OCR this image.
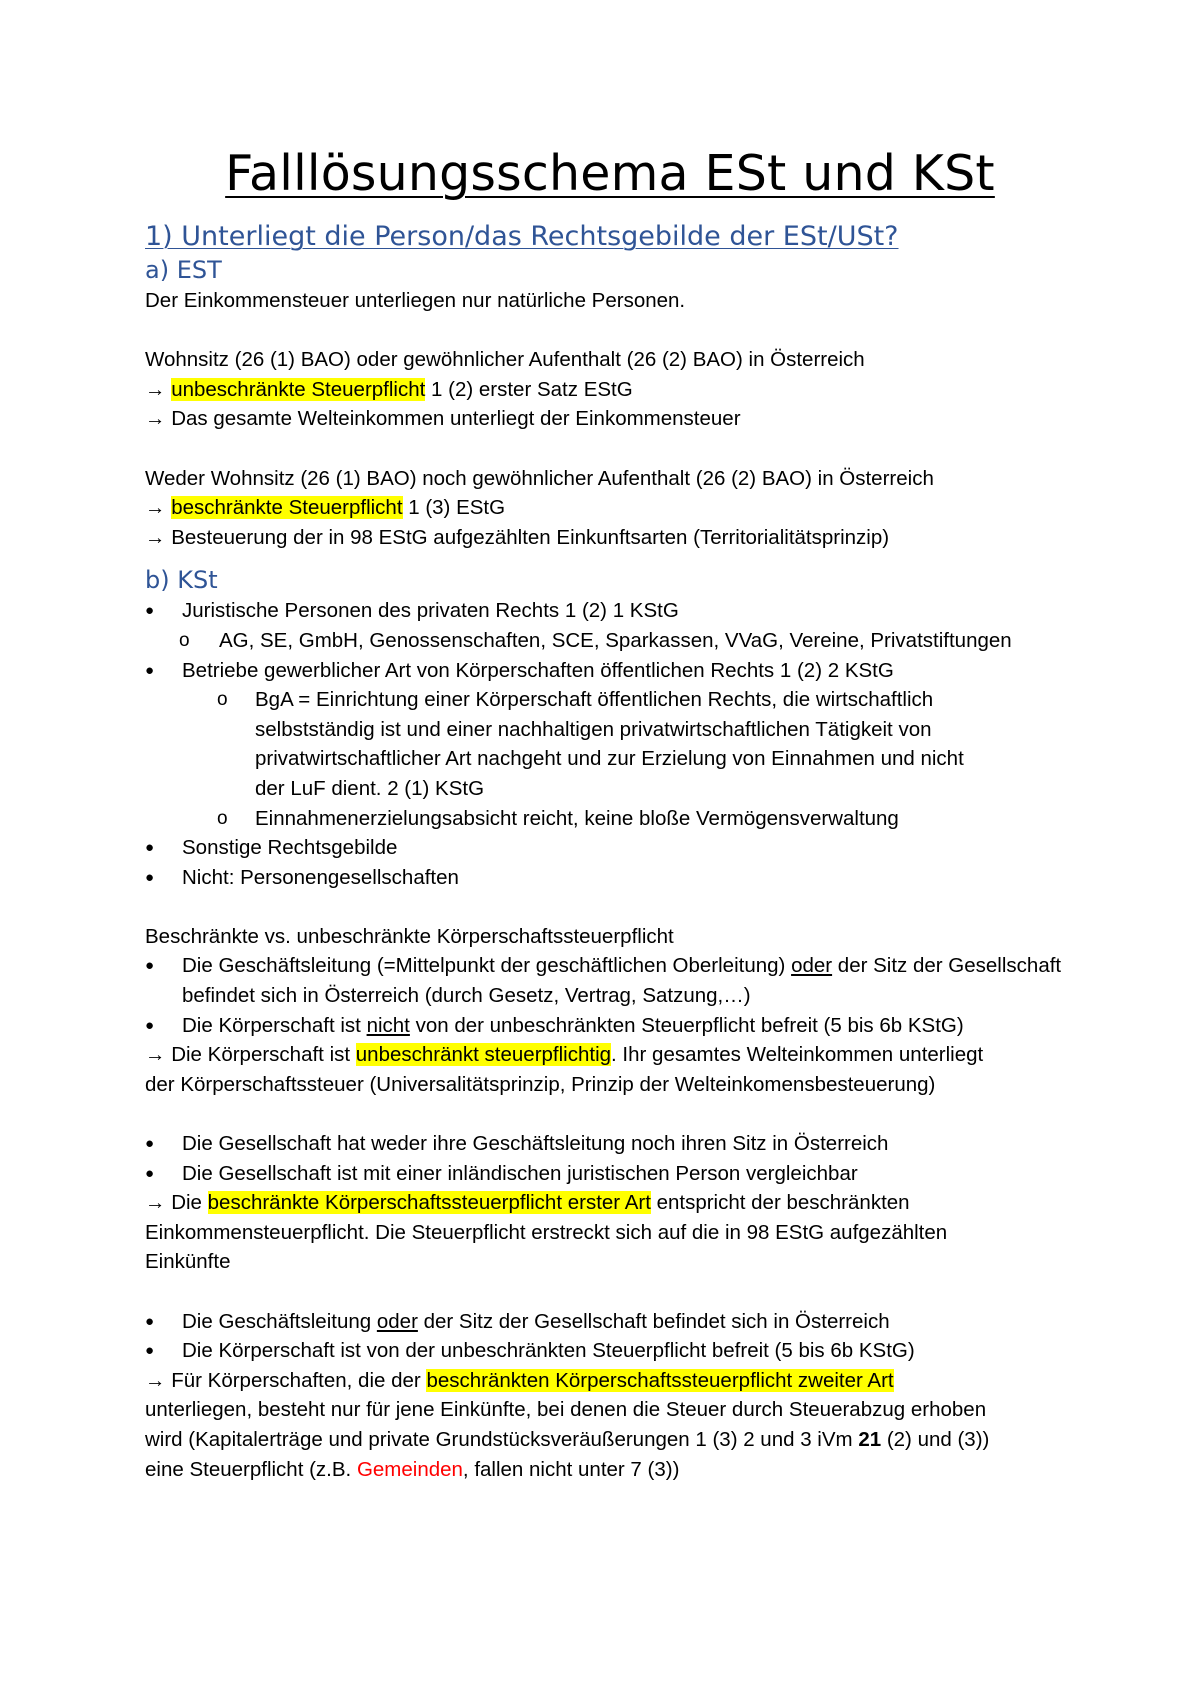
Falllösungsschema ESt und KSt
1) Unterliegt die Person/das Rechtsgebilde der ESt/USt?
a) EST
Der Einkommensteuer unterliegen nur natürliche Personen.
Wohnsitz (26 (1) BAO) oder gewöhnlicher Aufenthalt (26 (2) BAO) in Österreich
→ unbeschränkte Steuerpflicht 1 (2) erster Satz EStG
→ Das gesamte Welteinkommen unterliegt der Einkommensteuer
Weder Wohnsitz (26 (1) BAO) noch gewöhnlicher Aufenthalt (26 (2) BAO) in Österreich
→ beschränkte Steuerpflicht 1 (3) EStG
→ Besteuerung der in 98 EStG aufgezählten Einkunftsarten (Territorialitätsprinzip)
b) KSt
●	Juristische Personen des privaten Rechts 1 (2) 1 KStG
o AG, SE, GmbH, Genossenschaften, SCE, Sparkassen, VVaG, Vereine, Privatstiftungen
●	Betriebe gewerblicher Art von Körperschaften öffentlichen Rechts 1 (2) 2 KStG
o BgA = Einrichtung einer Körperschaft öffentlichen Rechts, die wirtschaftlich selbstständig ist und einer nachhaltigen privatwirtschaftlichen Tätigkeit von privatwirtschaftlicher Art nachgeht und zur Erzielung von Einnahmen und nicht der LuF dient. 2 (1) KStG
o Einnahmenerzielungsabsicht reicht, keine bloße Vermögensverwaltung
●	Sonstige Rechtsgebilde
●	Nicht: Personengesellschaften
Beschränkte vs. unbeschränkte Körperschaftssteuerpflicht
●	Die Geschäftsleitung (=Mittelpunkt der geschäftlichen Oberleitung) oder der Sitz der Gesellschaft befindet sich in Österreich (durch Gesetz, Vertrag, Satzung,…)
●	Die Körperschaft ist nicht von der unbeschränkten Steuerpflicht befreit (5 bis 6b KStG)
→ Die Körperschaft ist unbeschränkt steuerpflichtig. Ihr gesamtes Welteinkommen unterliegt
der Körperschaftssteuer (Universalitätsprinzip, Prinzip der Welteinkomensbesteuerung)
●	Die Gesellschaft hat weder ihre Geschäftsleitung noch ihren Sitz in Österreich
●	Die Gesellschaft ist mit einer inländischen juristischen Person vergleichbar
→ Die beschränkte Körperschaftssteuerpflicht erster Art entspricht der beschränkten
Einkommensteuerpflicht. Die Steuerpflicht erstreckt sich auf die in 98 EStG aufgezählten
Einkünfte
●	Die Geschäftsleitung oder der Sitz der Gesellschaft befindet sich in Österreich
●	Die Körperschaft ist von der unbeschränkten Steuerpflicht befreit (5 bis 6b KStG)
→ Für Körperschaften, die der beschränkten Körperschaftssteuerpflicht zweiter Art
unterliegen, besteht nur für jene Einkünfte, bei denen die Steuer durch Steuerabzug erhoben
wird (Kapitalerträge und private Grundstücksveräußerungen 1 (3) 2 und 3 iVm 21 (2) und (3))
eine Steuerpflicht (z.B. Gemeinden, fallen nicht unter 7 (3))
